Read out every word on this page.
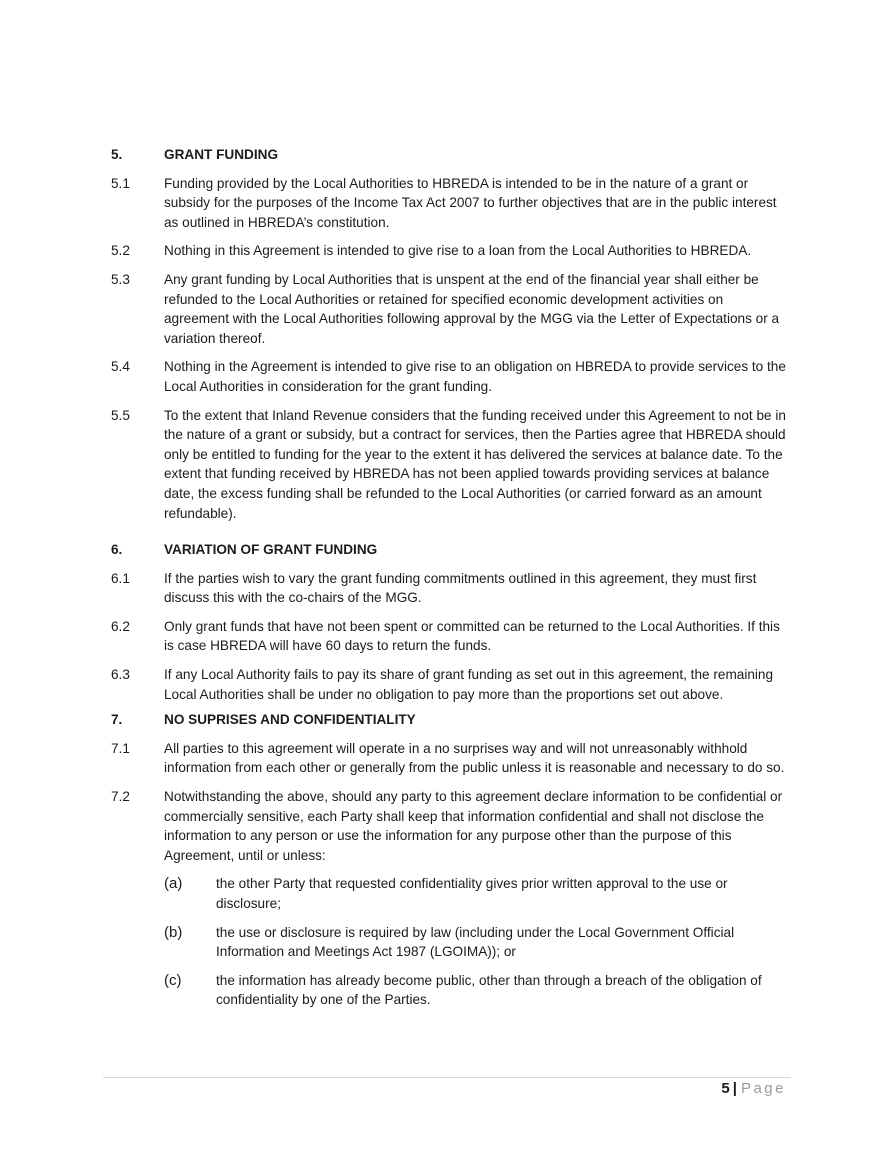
5.	GRANT FUNDING
5.1	Funding provided by the Local Authorities to HBREDA is intended to be in the nature of a grant or subsidy for the purposes of the Income Tax Act 2007 to further objectives that are in the public interest as outlined in HBREDA’s constitution.
5.2	Nothing in this Agreement is intended to give rise to a loan from the Local Authorities to HBREDA.
5.3	Any grant funding by Local Authorities that is unspent at the end of the financial year shall either be refunded to the Local Authorities or retained for specified economic development activities on agreement with the Local Authorities following approval by the MGG via the Letter of Expectations or a variation thereof.
5.4	Nothing in the Agreement is intended to give rise to an obligation on HBREDA to provide services to the Local Authorities in consideration for the grant funding.
5.5	To the extent that Inland Revenue considers that the funding received under this Agreement to not be in the nature of a grant or subsidy, but a contract for services, then the Parties agree that HBREDA should only be entitled to funding for the year to the extent it has delivered the services at balance date. To the extent that funding received by HBREDA has not been applied towards providing services at balance date, the excess funding shall be refunded to the Local Authorities (or carried forward as an amount refundable).
6.	VARIATION OF GRANT FUNDING
6.1	If the parties wish to vary the grant funding commitments outlined in this agreement, they must first discuss this with the co-chairs of the MGG.
6.2	Only grant funds that have not been spent or committed can be returned to the Local Authorities. If this is case HBREDA will have 60 days to return the funds.
6.3	If any Local Authority fails to pay its share of grant funding as set out in this agreement, the remaining Local Authorities shall be under no obligation to pay more than the proportions set out above.
7.	NO SUPRISES AND CONFIDENTIALITY
7.1	All parties to this agreement will operate in a no surprises way and will not unreasonably withhold information from each other or generally from the public unless it is reasonable and necessary to do so.
7.2	Notwithstanding the above, should any party to this agreement declare information to be confidential or commercially sensitive, each Party shall keep that information confidential and shall not disclose the information to any person or use the information for any purpose other than the purpose of this Agreement, until or unless:
(a)	the other Party that requested confidentiality gives prior written approval to the use or disclosure;
(b)	the use or disclosure is required by law (including under the Local Government Official Information and Meetings Act 1987 (LGOIMA)); or
(c)	the information has already become public, other than through a breach of the obligation of confidentiality by one of the Parties.
5 | Page
